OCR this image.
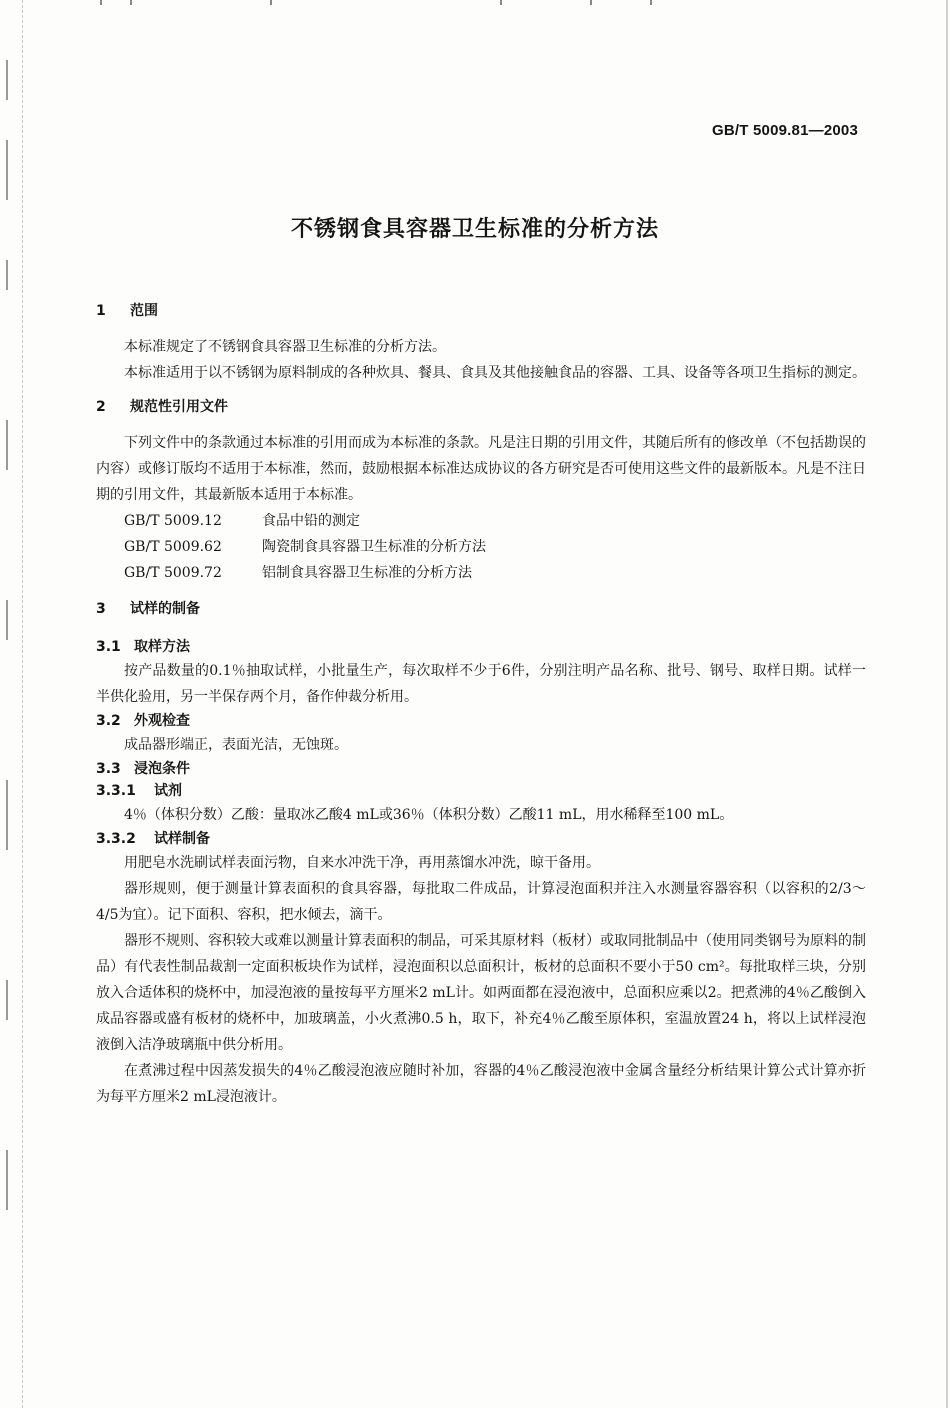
GB/T 5009.81—2003
不锈钢食具容器卫生标准的分析方法
1 范围

本标准规定了不锈钢食具容器卫生标准的分析方法。

本标准适用于以不锈钢为原料制成的各种炊具、餐具、食具及其他接触食品的容器、工具、设备等各项卫生指标的测定。

2 规范性引用文件

下列文件中的条款通过本标准的引用而成为本标准的条款。凡是注日期的引用文件，其随后所有的修改单（不包括勘误的内容）或修订版均不适用于本标准，然而，鼓励根据本标准达成协议的各方研究是否可使用这些文件的最新版本。凡是不注日期的引用文件，其最新版本适用于本标准。

GB/T 5009.12	食品中铅的测定

GB/T 5009.62	陶瓷制食具容器卫生标准的分析方法

GB/T 5009.72	铝制食具容器卫生标准的分析方法

3 试样的制备
3.1 取样方法

按产品数量的0.1％抽取试样，小批量生产，每次取样不少于6件，分别注明产品名称、批号、钢号、取样日期。试样一半供化验用，另一半保存两个月，备作仲裁分析用。

3.2 外观检查

成品器形端正，表面光洁，无蚀斑。

3.3 浸泡条件
3.3.1 试剂

4％（体积分数）乙酸：量取冰乙酸4 mL或36％（体积分数）乙酸11 mL，用水稀释至100 mL。

3.3.2 试样制备

用肥皂水洗刷试样表面污物，自来水冲洗干净，再用蒸馏水冲洗，晾干备用。

器形规则，便于测量计算表面积的食具容器，每批取二件成品，计算浸泡面积并注入水测量容器容积（以容积的2/3～4/5为宜）。记下面积、容积，把水倾去，滴干。

器形不规则、容积较大或难以测量计算表面积的制品，可采其原材料（板材）或取同批制品中（使用同类钢号为原料的制品）有代表性制品裁割一定面积板块作为试样，浸泡面积以总面积计，板材的总面积不要小于50 cm²。每批取样三块，分别放入合适体积的烧杯中，加浸泡液的量按每平方厘米2 mL计。如两面都在浸泡液中，总面积应乘以2。把煮沸的4％乙酸倒入成品容器或盛有板材的烧杯中，加玻璃盖，小火煮沸0.5 h，取下，补充4％乙酸至原体积，室温放置24 h，将以上试样浸泡液倒入洁净玻璃瓶中供分析用。

在煮沸过程中因蒸发损失的4％乙酸浸泡液应随时补加，容器的4％乙酸浸泡液中金属含量经分析结果计算公式计算亦折为每平方厘米2 mL浸泡液计。
